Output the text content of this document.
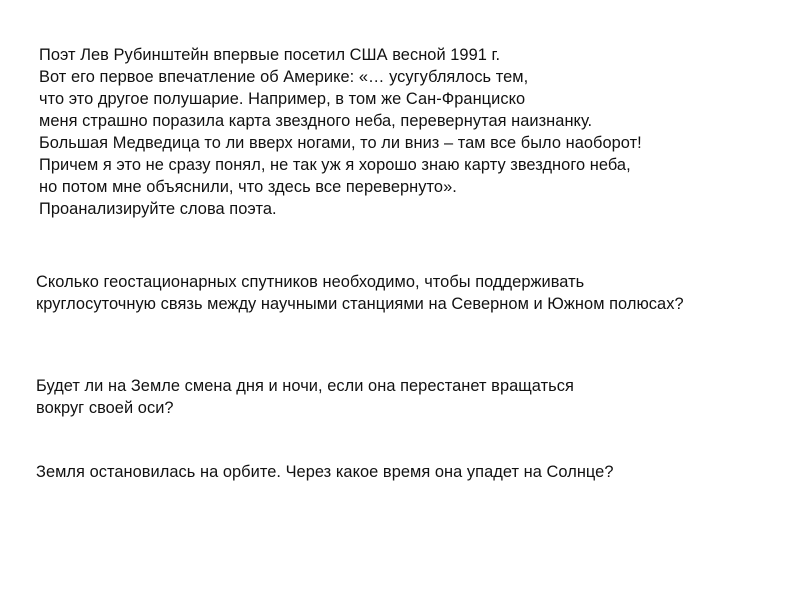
Поэт Лев Рубинштейн впервые посетил США весной 1991 г.
Вот его первое впечатление об Америке: «… усугублялось тем,
что это другое полушарие. Например, в том же Сан-Франциско
меня страшно поразила карта звездного неба, перевернутая наизнанку.
Большая Медведица то ли вверх ногами, то ли вниз – там все было наоборот!
Причем я это не сразу понял, не так уж я хорошо знаю карту звездного неба,
но потом мне объяснили, что здесь все перевернуто».
Проанализируйте слова поэта.
Сколько геостационарных спутников необходимо, чтобы поддерживать
круглосуточную связь между научными станциями на Северном и Южном полюсах?
Будет ли на Земле смена дня и ночи, если она перестанет вращаться
вокруг своей оси?
Земля остановилась на орбите. Через какое время она упадет на Солнце?
